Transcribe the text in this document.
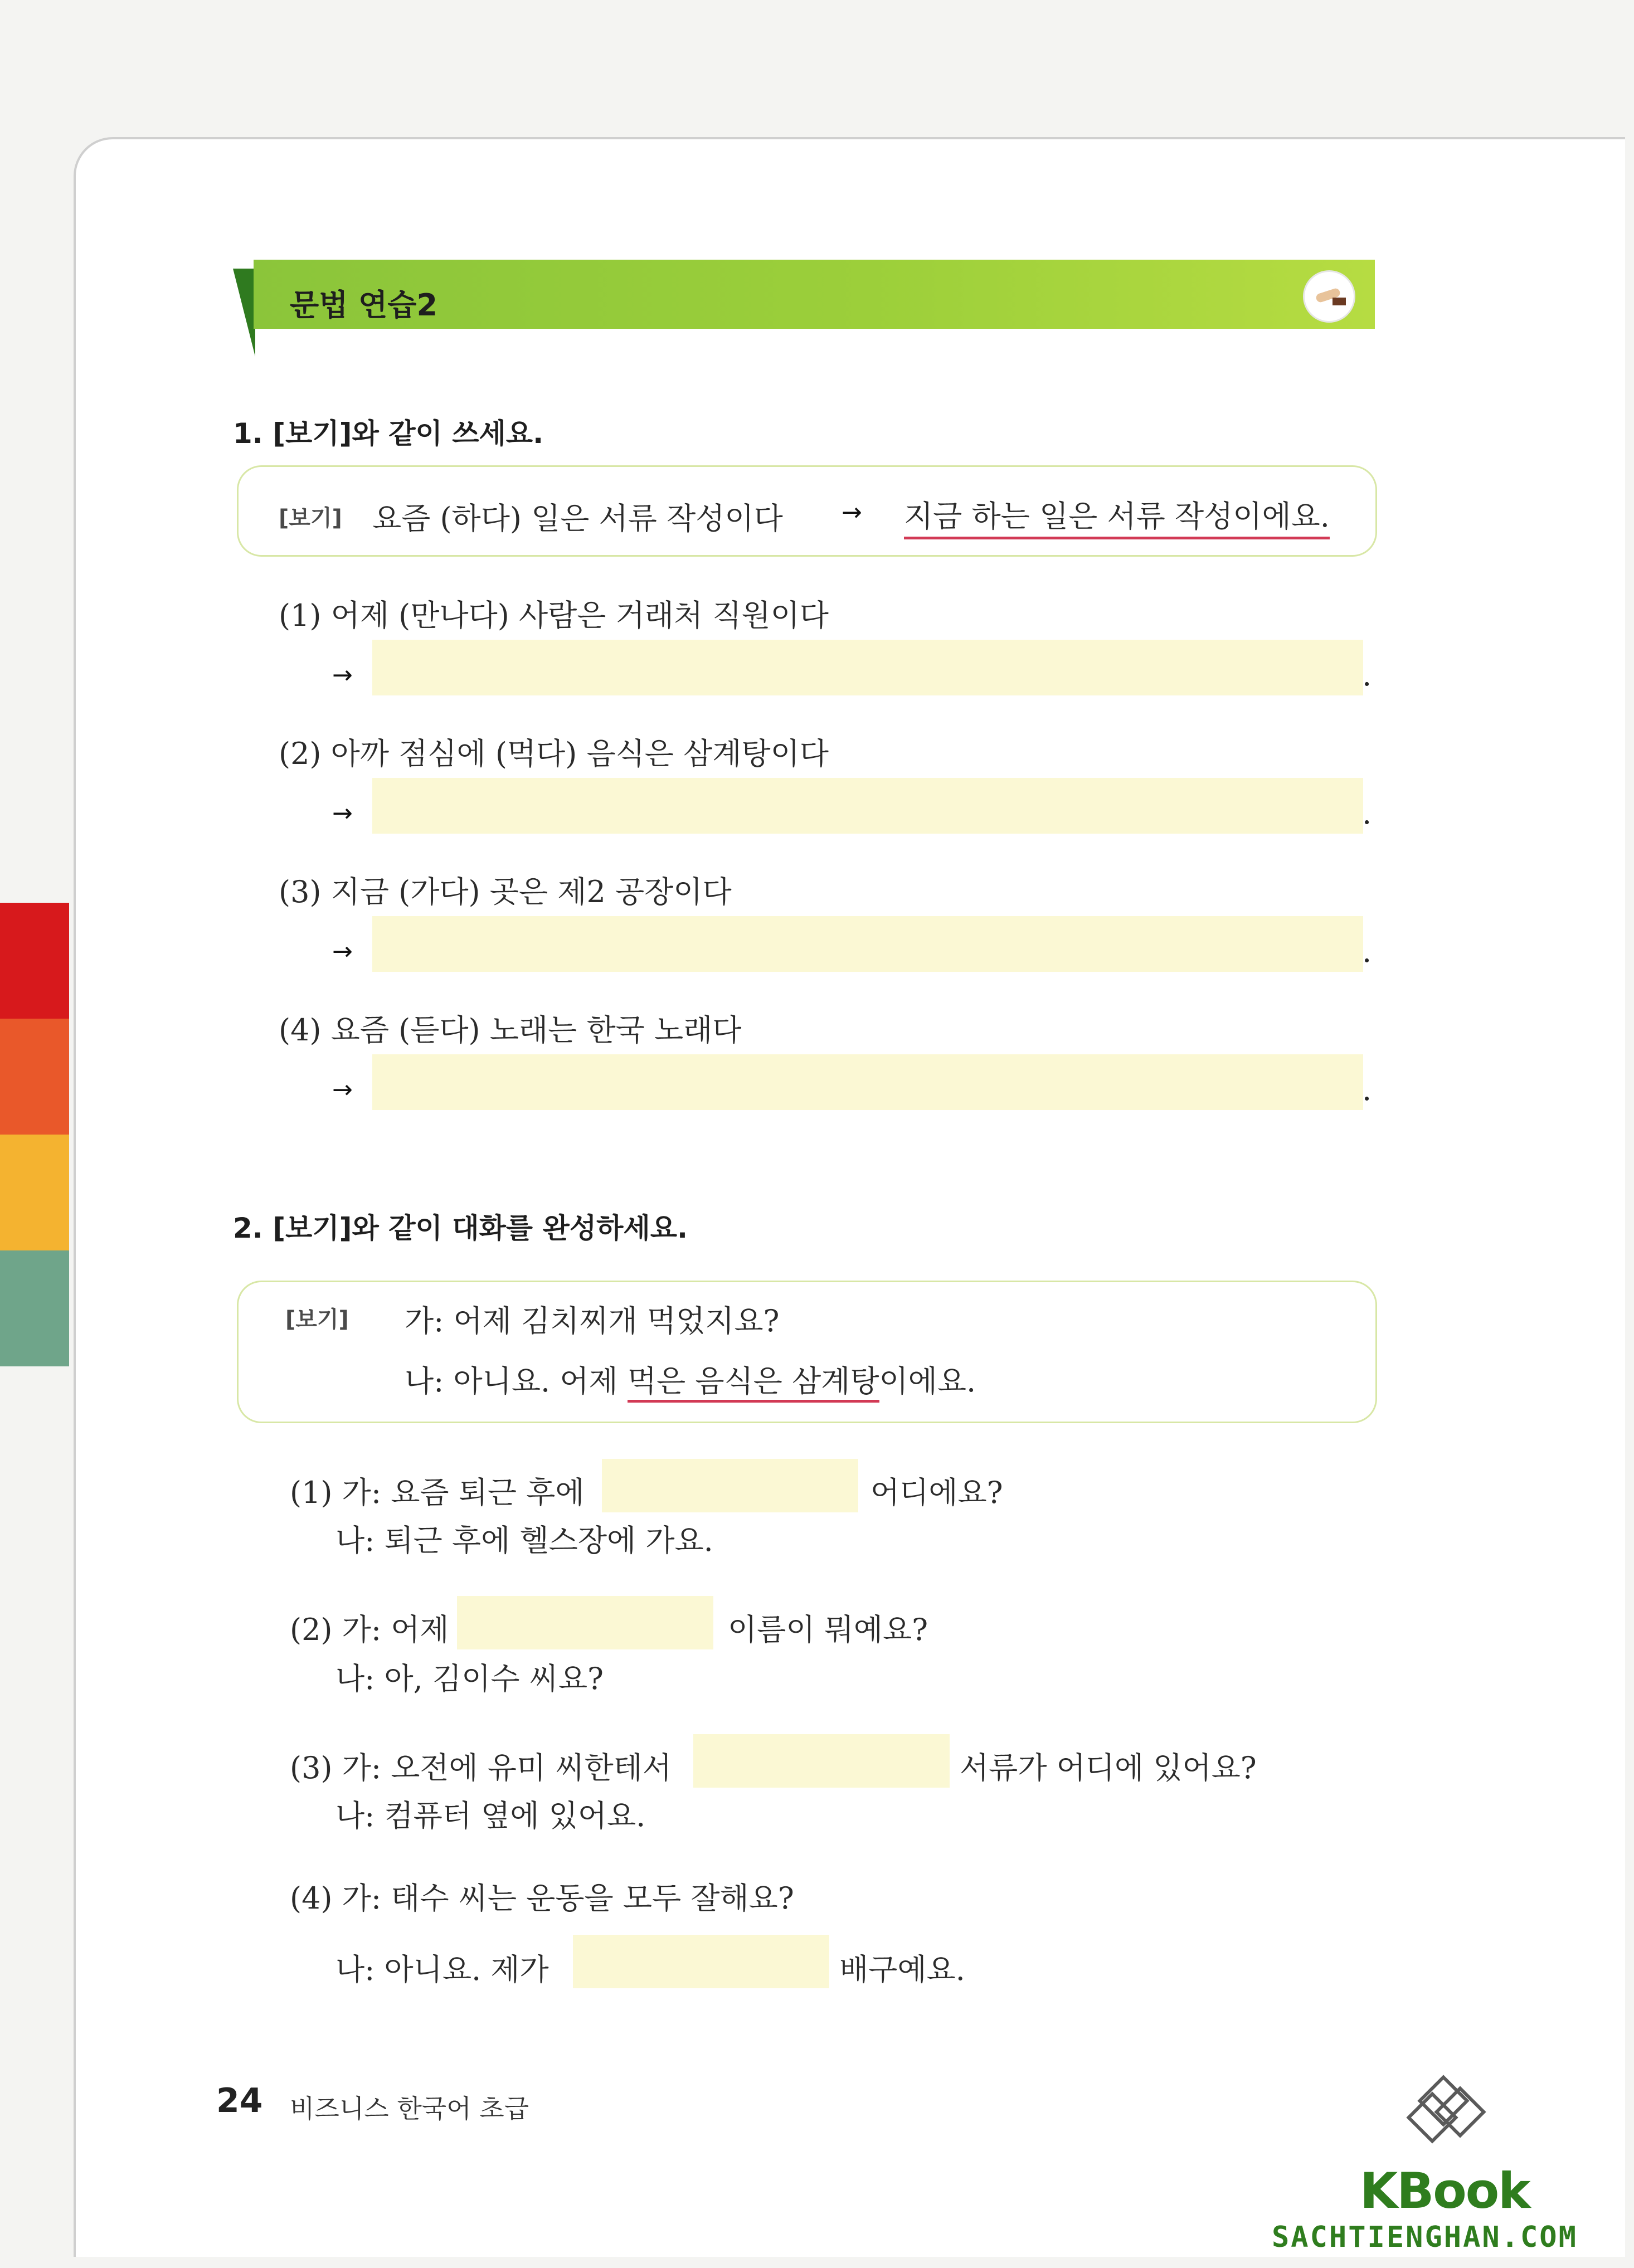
문법 연습2
1. [보기]와 같이 쓰세요.
[보기] 요즘 (하다) 일은 서류 작성이다 → 지금 하는 일은 서류 작성이에요.
(1) 어제 (만나다) 사람은 거래처 직원이다
→	.
(2) 아까 점심에 (먹다) 음식은 삼계탕이다
→	.
(3) 지금 (가다) 곳은 제2 공장이다
→	.
(4) 요즘 (듣다) 노래는 한국 노래다
→	.
2. [보기]와 같이 대화를 완성하세요.
[보기] 가: 어제 김치찌개 먹었지요?
나: 아니요. 어제 먹은 음식은 삼계탕이에요.
(1) 가: 요즘 퇴근 후에	어디에요?
나: 퇴근 후에 헬스장에 가요.
(2) 가: 어제	이름이 뭐예요?
나: 아, 김이수 씨요?
(3) 가: 오전에 유미 씨한테서	서류가 어디에 있어요?
나: 컴퓨터 옆에 있어요.
(4) 가: 태수 씨는 운동을 모두 잘해요?
나: 아니요. 제가	배구예요.
24 비즈니스 한국어 초급
KBook
SACHTIENGHAN.COM
